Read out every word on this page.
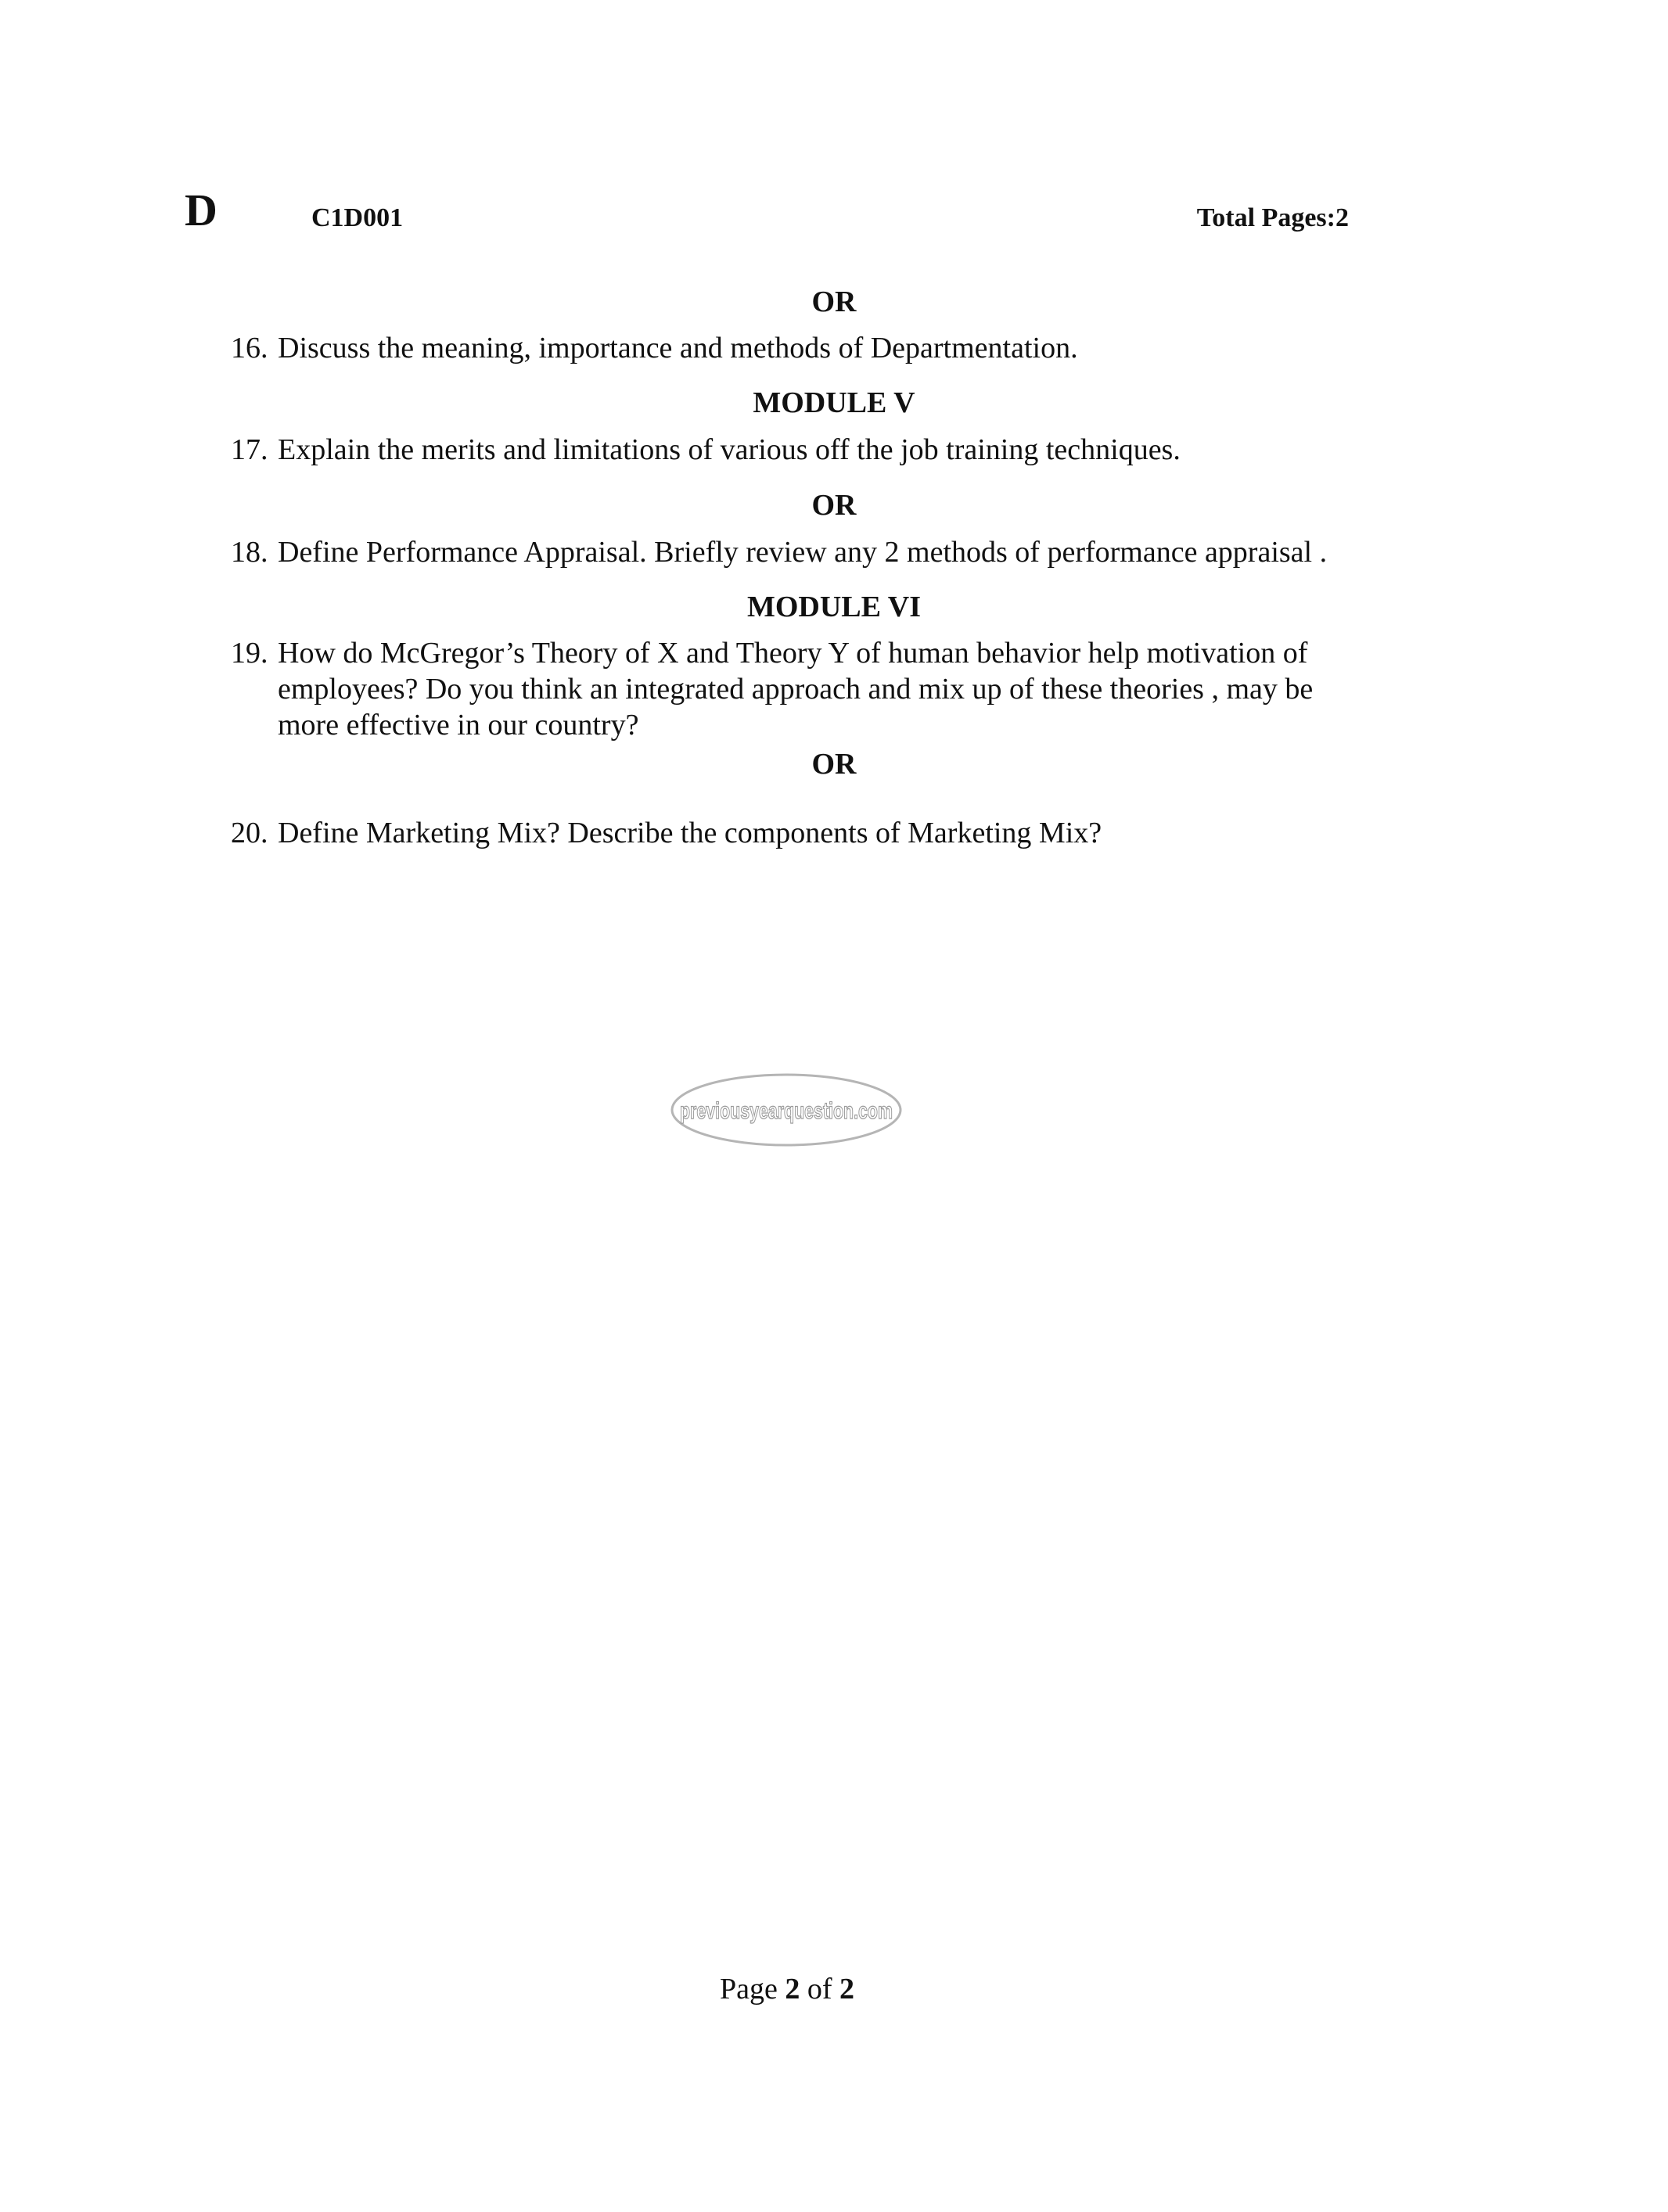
D	C1D001	Total Pages:2
OR
16. Discuss the meaning, importance and methods of Departmentation.
MODULE V
17. Explain the merits and limitations of various off the job training techniques.
OR
18. Define Performance Appraisal. Briefly review any 2 methods of performance appraisal .
MODULE VI
19. How do McGregor’s Theory of X and Theory Y of human behavior help motivation of employees? Do you think an integrated approach and mix up of these theories , may be more effective in our country?
OR
20. Define Marketing Mix? Describe the components of Marketing Mix?
previousyearquestion.com
Page 2 of 2
